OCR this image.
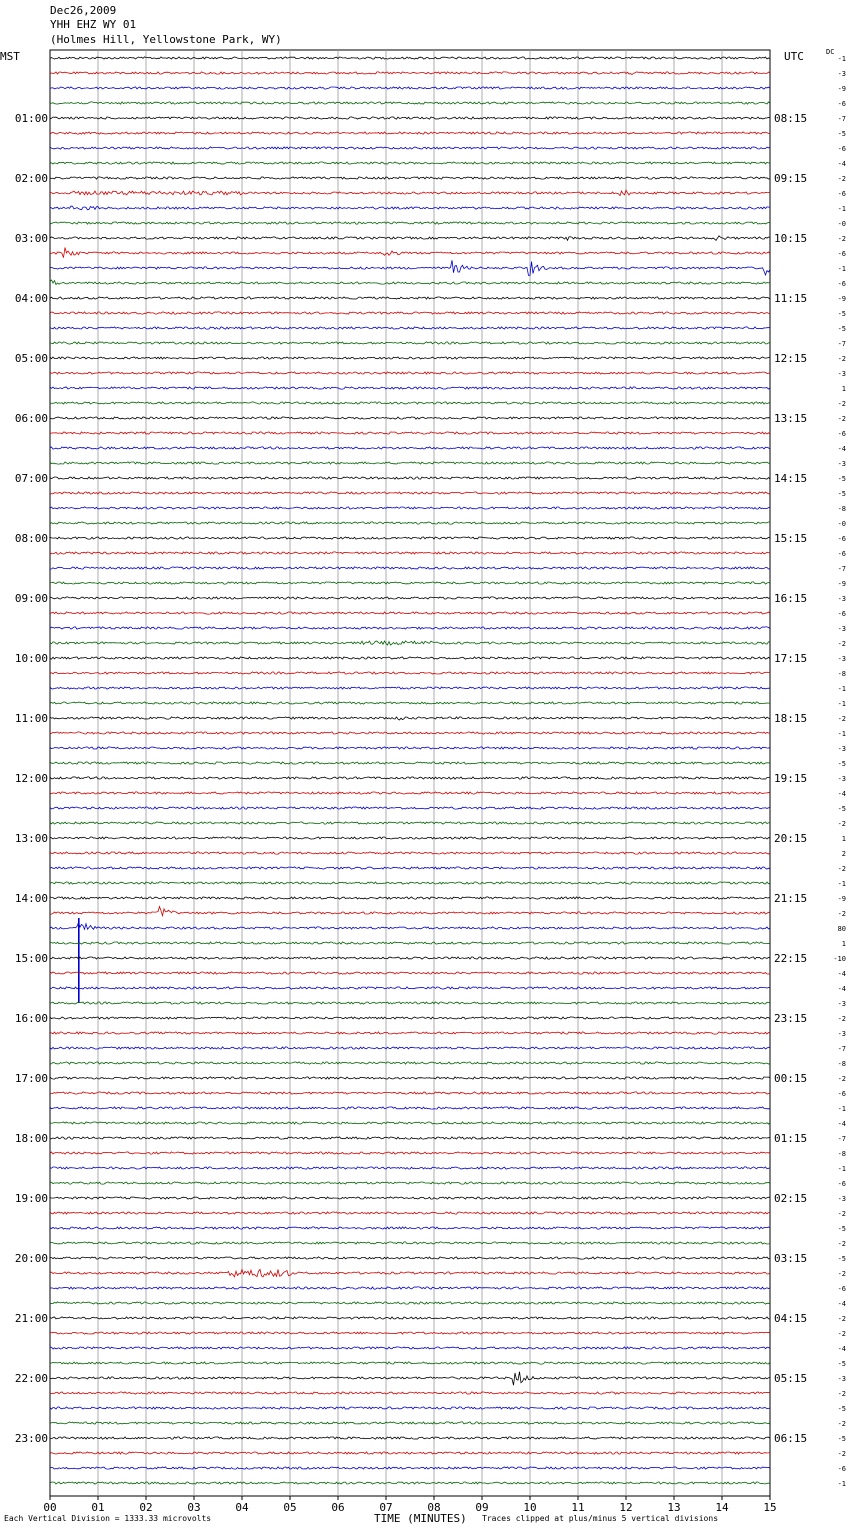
Dec26,2009
YHH EHZ WY 01
(Holmes Hill, Yellowstone Park, WY)
MST	UTC	DC
00	01	02	03	04	05	06	07	08	09	10	11	12	13	14	15
-1
-3
-9
-6
-7
-5
-6
-4
-2
-6
-1
-0
-2
-6
-1
-6
-9
-5
-5
-7
-2
-3
1
-2
-2
-6
-4
-3
-5
-5
-8
-0
-6
-6
-7
-9
-3
-6
-3
-2
-3
-8
-1
-1
-2
-1
-3
-5
-3
-4
-5
-2
1
2
-2
-1
-9
-2
80
1
-10
-4
-4
-3
-2
-3
-7
-8
-2
-6
-1
-4
-7
-8
-1
-6
-3
-2
-5
-2
-5
-2
-6
-4
-2
-2
-4
-5
-3
-2
-5
-2
-5
-2
-6
-1
01:00	08:15
02:00	09:15
03:00	10:15
04:00	11:15
05:00	12:15
06:00	13:15
07:00	14:15
08:00	15:15
09:00	16:15
10:00	17:15
11:00	18:15
12:00	19:15
13:00	20:15
14:00	21:15
15:00	22:15
16:00	23:15
17:00	00:15
18:00	01:15
19:00	02:15
20:00	03:15
21:00	04:15
22:00	05:15
23:00	06:15
Each Vertical Division = 1333.33 microvolts	TIME (MINUTES) Traces clipped at plus/minus 5 vertical divisions
